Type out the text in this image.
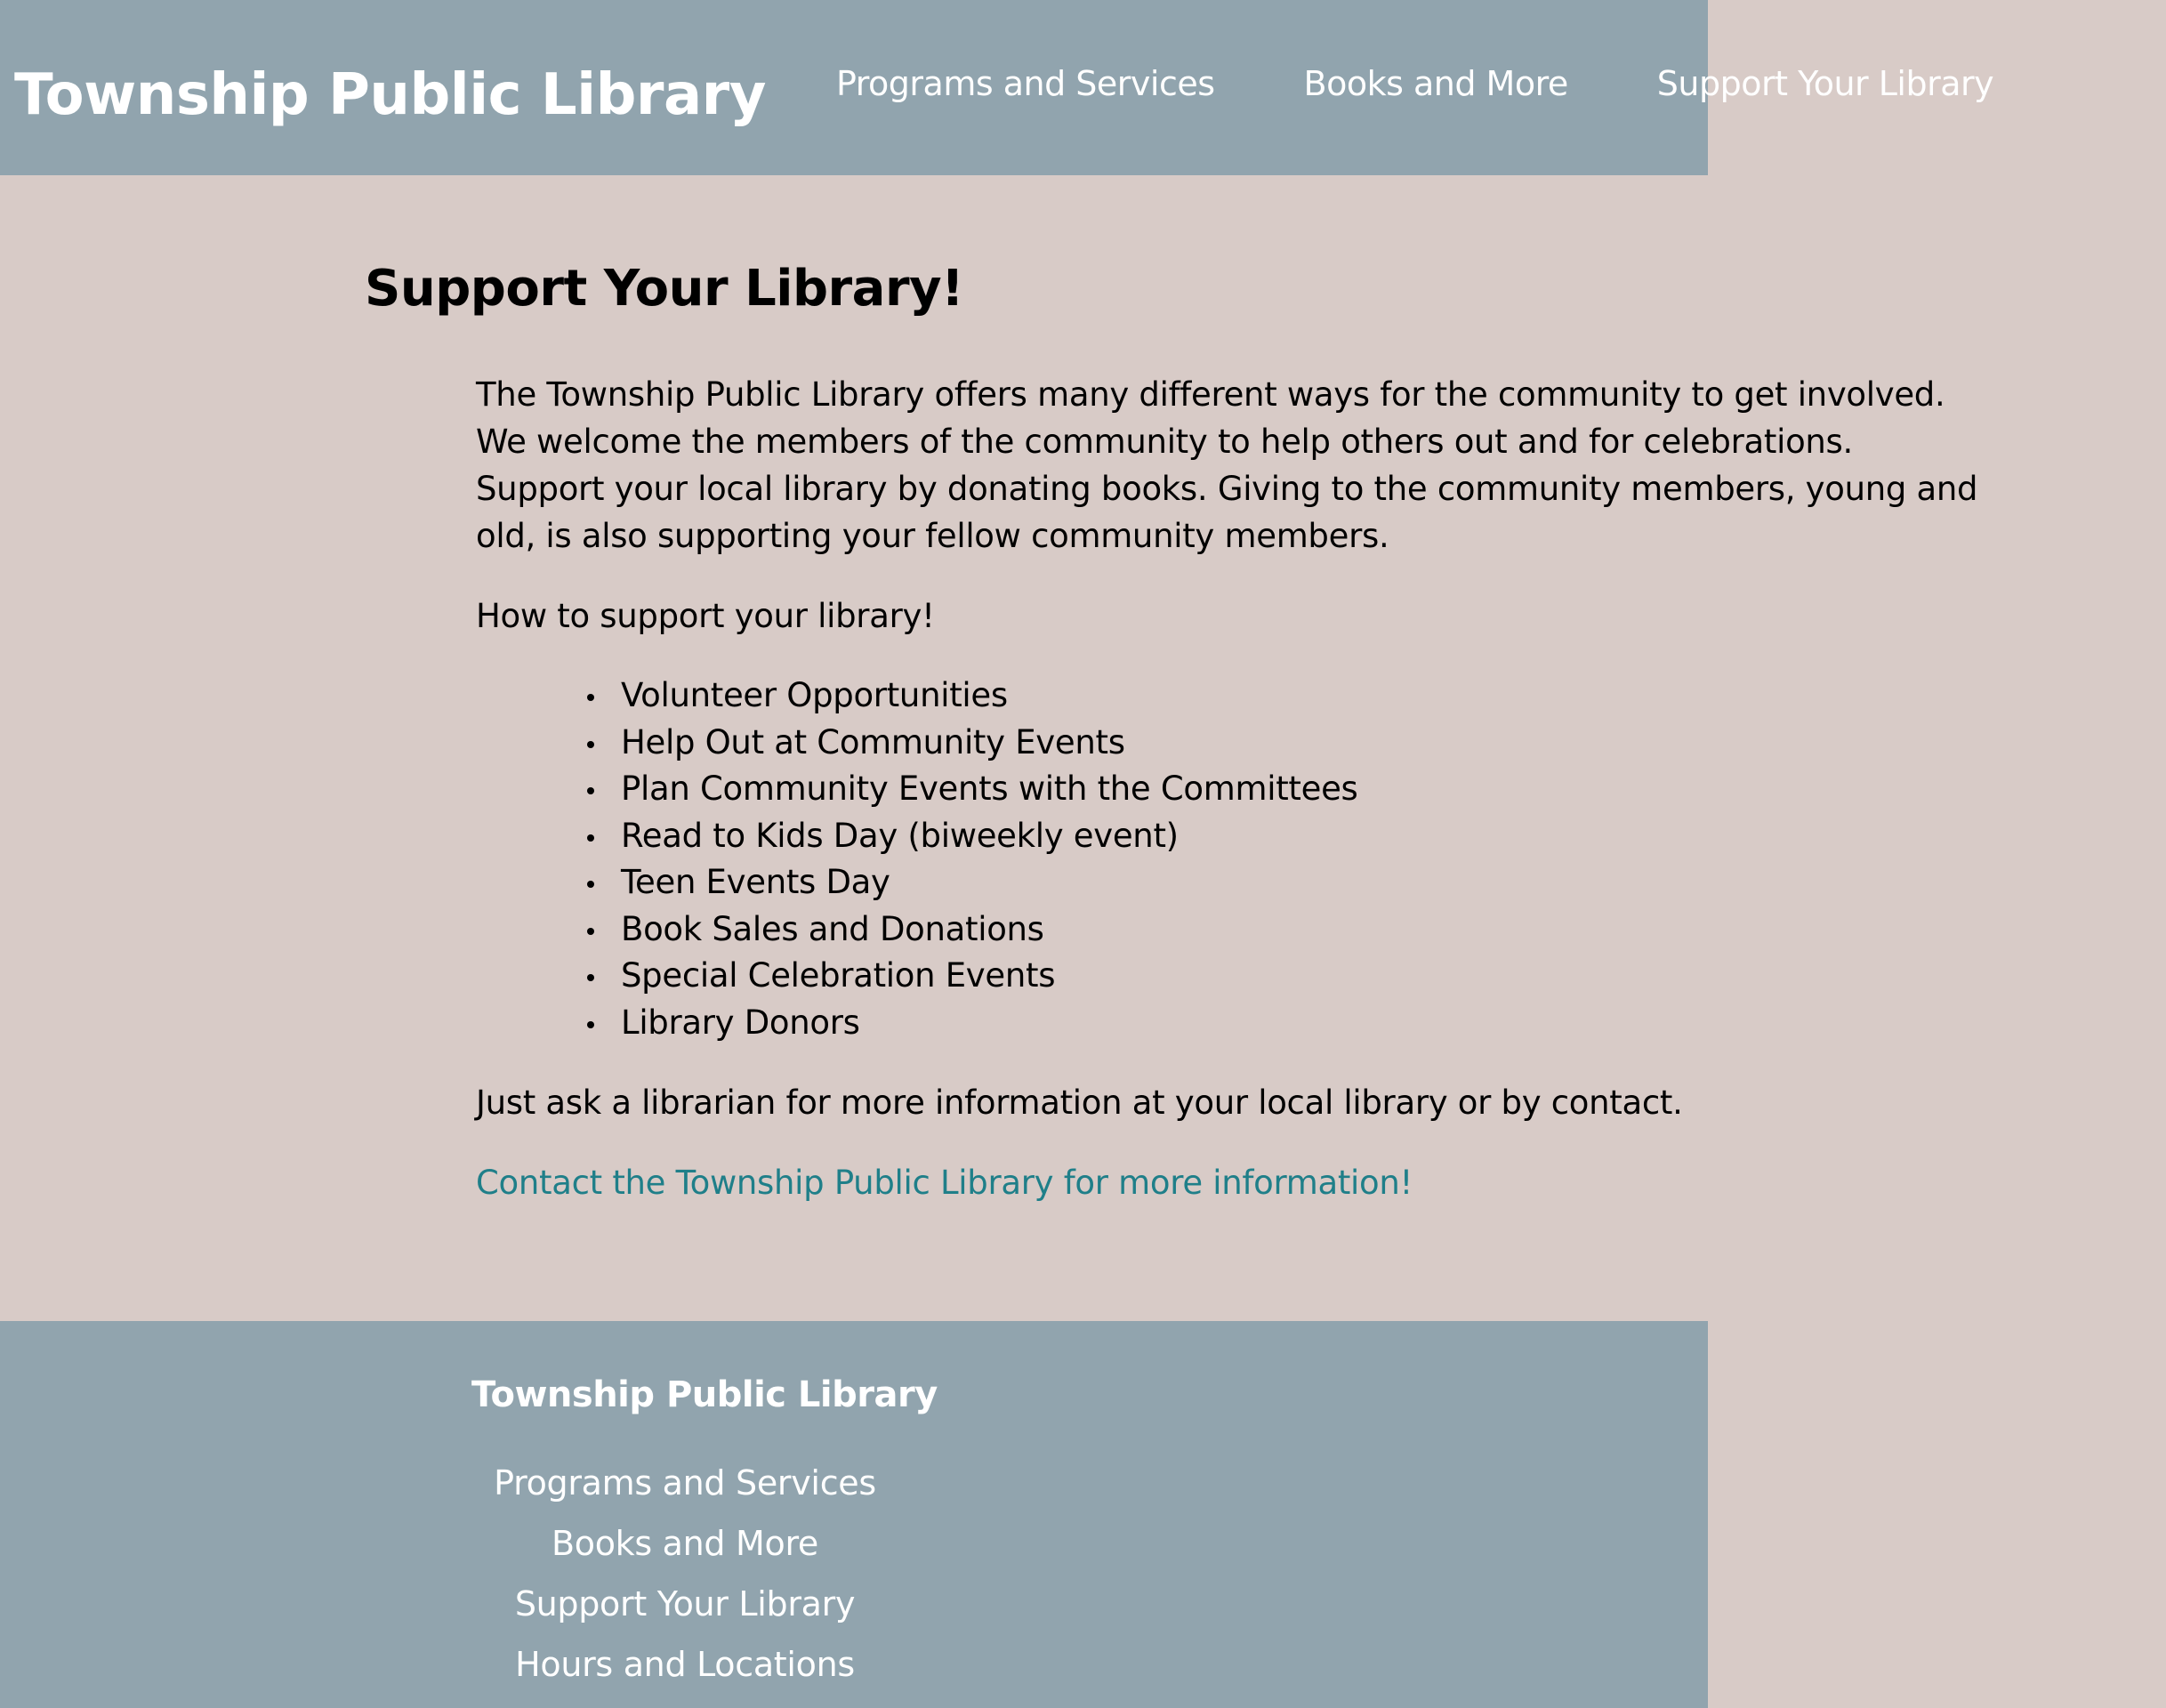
Township Public Library Programs and Services	Books and More	Support Your Library
Support Your Library!

The Township Public Library offers many different ways for the community to get involved. We welcome the members of the community to help others out and for celebrations. Support your local library by donating books. Giving to the community members, young and old, is also supporting your fellow community members.

How to support your library!

Volunteer Opportunities
Help Out at Community Events
Plan Community Events with the Committees
Read to Kids Day (biweekly event)
Teen Events Day
Book Sales and Donations
Special Celebration Events
Library Donors

Just ask a librarian for more information at your local library or by contact.

Contact the Township Public Library for more information!
Township Public Library
Programs and Services
Books and More
Support Your Library
Hours and Locations
